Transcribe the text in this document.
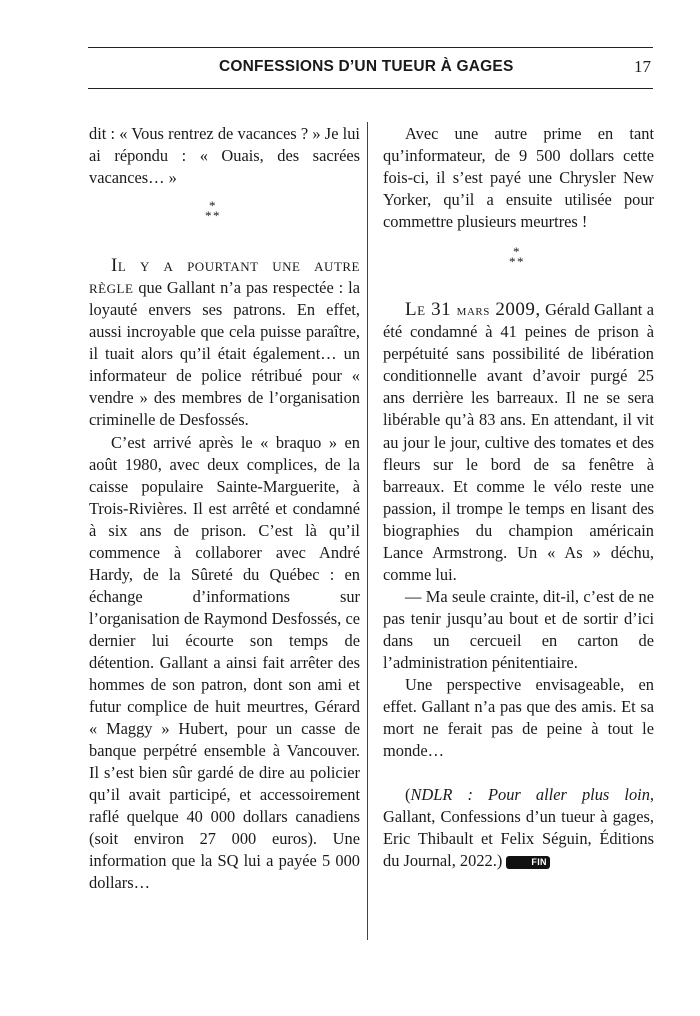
CONFESSIONS D’UN TUEUR À GAGES	17

dit : « Vous rentrez de vacances ? » Je lui ai répondu : « Ouais, des sacrées vacances… »

*
* *

Il y a pourtant une autre règle que Gallant n’a pas respectée : la loyauté envers ses patrons. En effet, aussi incroyable que cela puisse paraître, il tuait alors qu’il était également… un informateur de police rétribué pour « vendre » des membres de l’organisation criminelle de Desfossés.

C’est arrivé après le « braquo » en août 1980, avec deux complices, de la caisse populaire Sainte-Marguerite, à Trois-Rivières. Il est arrêté et condamné à six ans de prison. C’est là qu’il commence à collaborer avec André Hardy, de la Sûreté du Québec : en échange d’informations sur l’organisation de Raymond Desfossés, ce dernier lui écourte son temps de détention. Gallant a ainsi fait arrêter des hommes de son patron, dont son ami et futur complice de huit meurtres, Gérard « Maggy » Hubert, pour un casse de banque perpétré ensemble à Vancouver. Il s’est bien sûr gardé de dire au policier qu’il avait participé, et accessoirement raflé quelque 40 000 dollars canadiens (soit environ 27 000 euros). Une information que la SQ lui a payée 5 000 dollars…

Avec une autre prime en tant qu’informateur, de 9 500 dollars cette fois-ci, il s’est payé une Chrysler New Yorker, qu’il a ensuite utilisée pour commettre plusieurs meurtres !

*
* *

Le 31 mars 2009, Gérald Gallant a été condamné à 41 peines de prison à perpétuité sans possibilité de libération conditionnelle avant d’avoir purgé 25 ans derrière les barreaux. Il ne se sera libérable qu’à 83 ans. En attendant, il vit au jour le jour, cultive des tomates et des fleurs sur le bord de sa fenêtre à barreaux. Et comme le vélo reste une passion, il trompe le temps en lisant des biographies du champion américain Lance Armstrong. Un « As » déchu, comme lui.

— Ma seule crainte, dit-il, c’est de ne pas tenir jusqu’au bout et de sortir d’ici dans un cercueil en carton de l’administration pénitentiaire.

Une perspective envisageable, en effet. Gallant n’a pas que des amis. Et sa mort ne ferait pas de peine à tout le monde…

(NDLR : Pour aller plus loin, Gallant, Confessions d’un tueur à gages, Eric Thibault et Felix Séguin, Éditions du Journal, 2022.)	FIN
